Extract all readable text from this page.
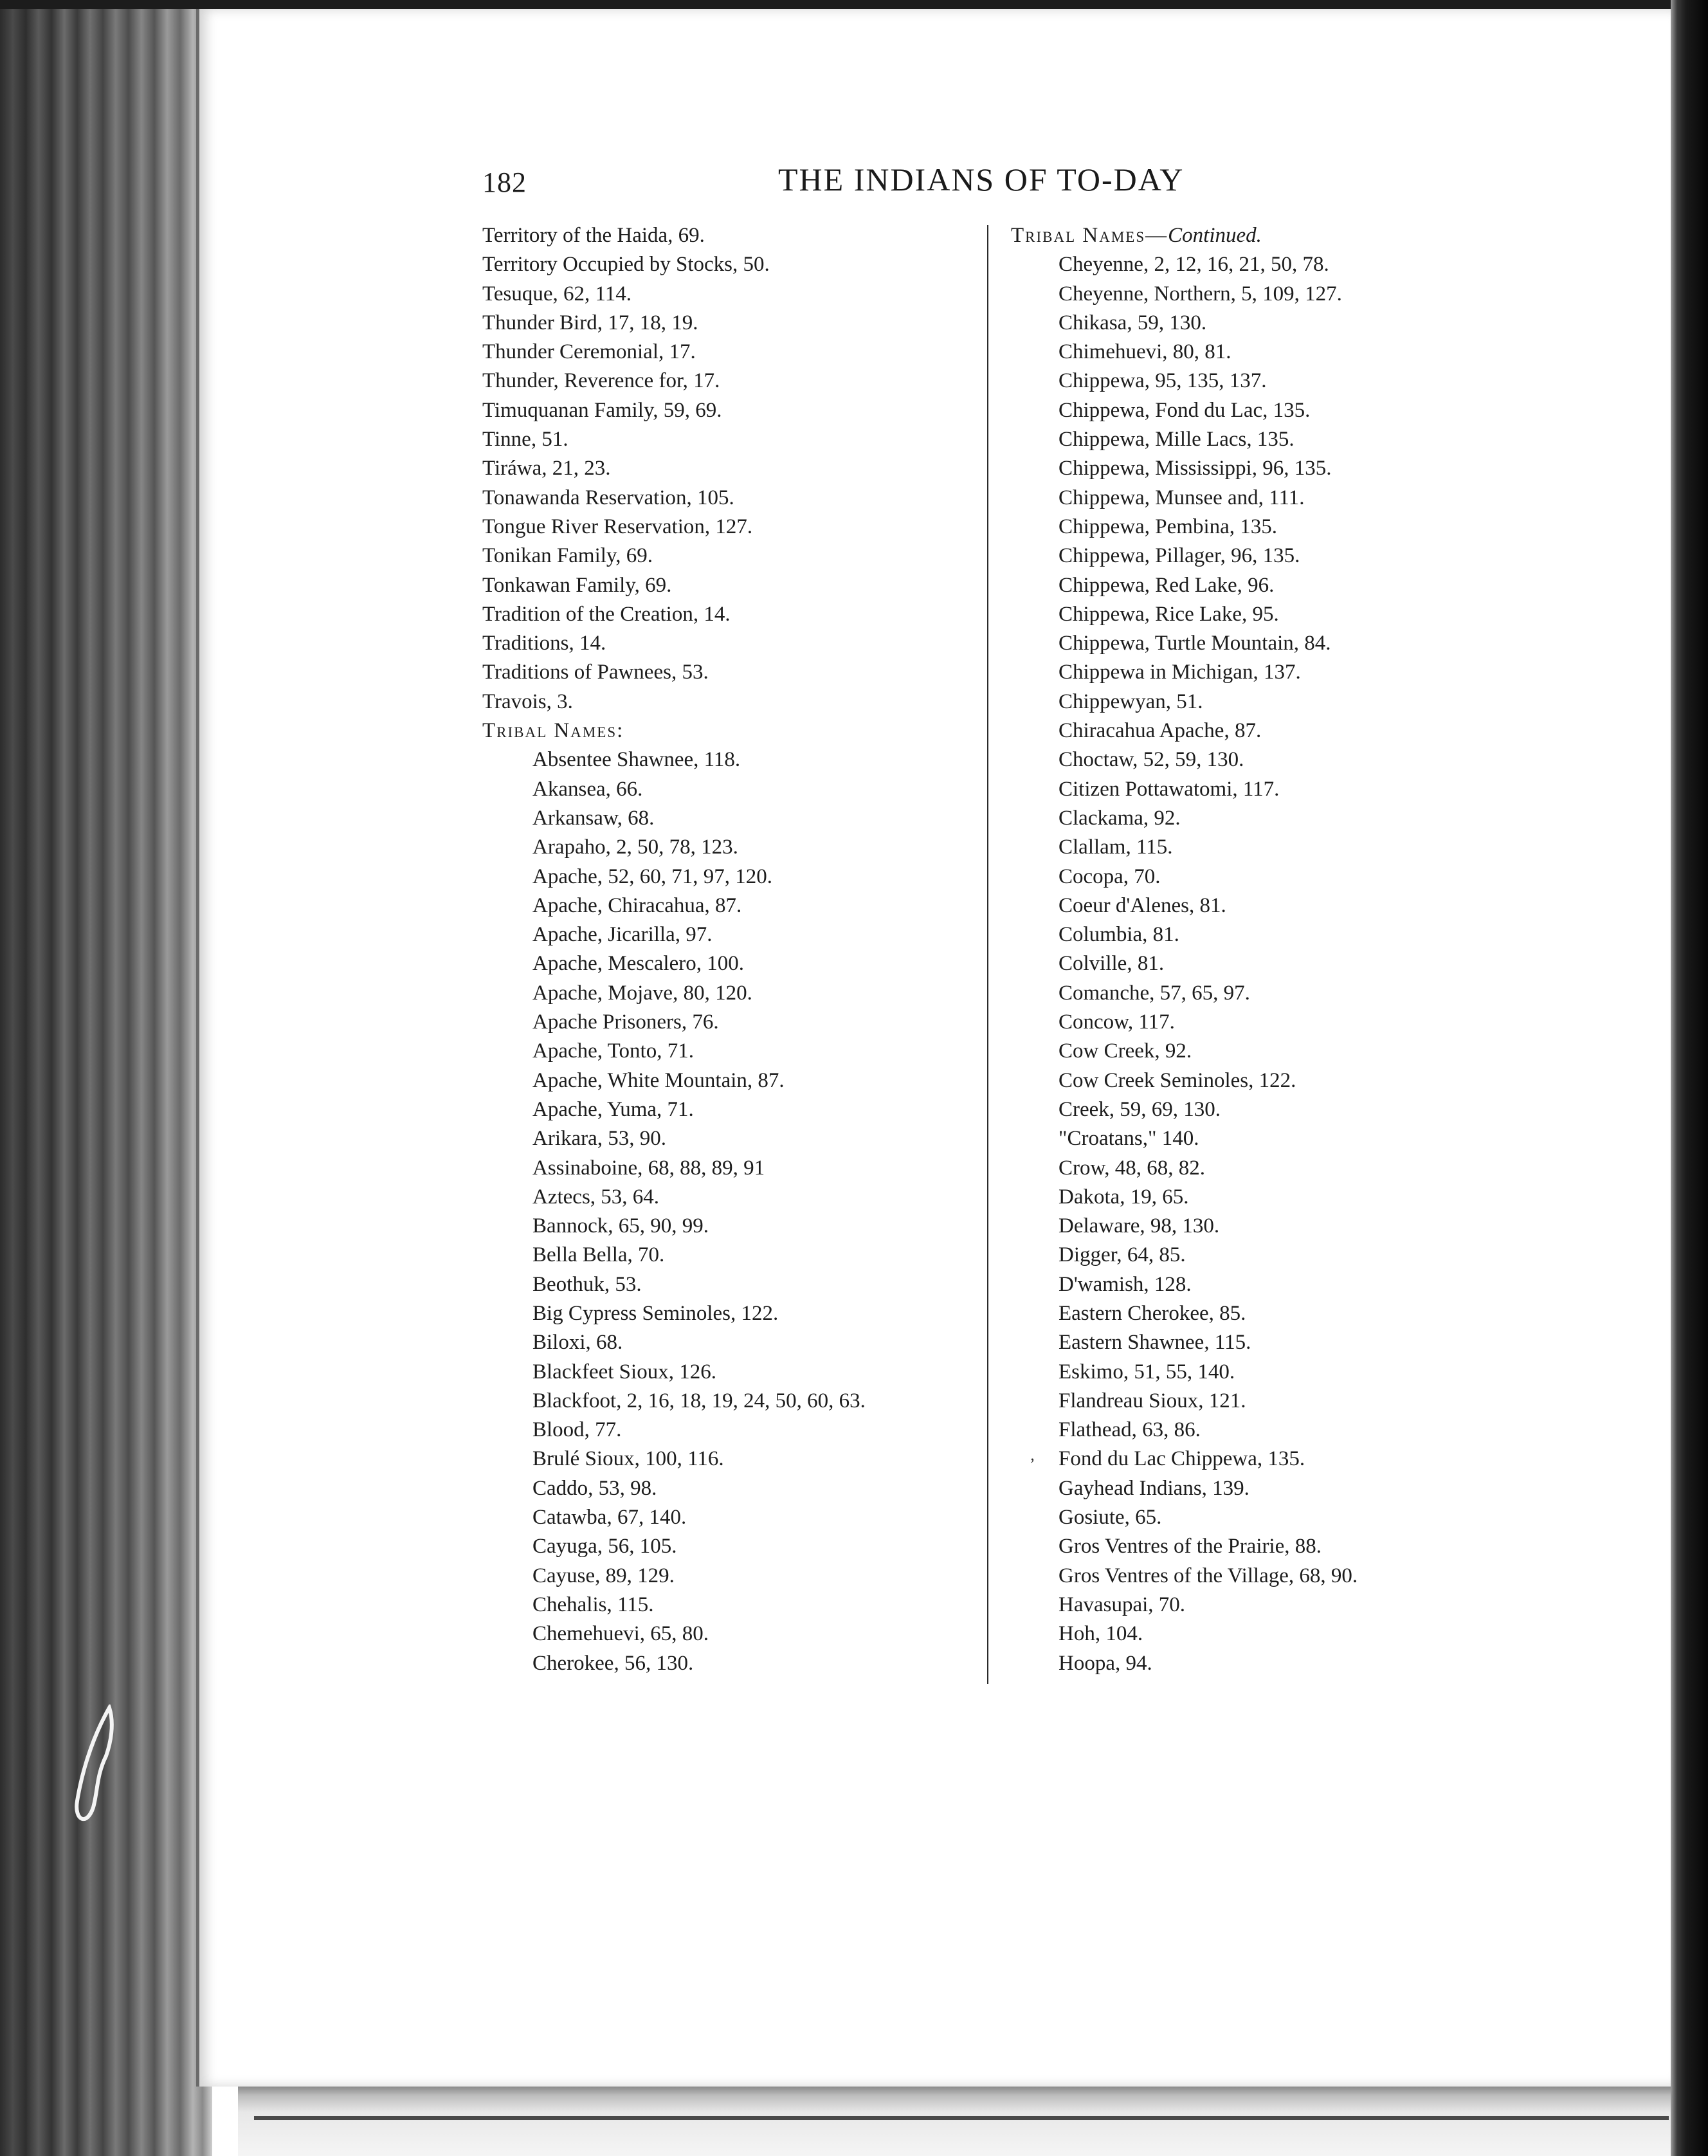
182	THE INDIANS OF TO-DAY
Territory of the Haida, 69.
Territory Occupied by Stocks, 50.
Tesuque, 62, 114.
Thunder Bird, 17, 18, 19.
Thunder Ceremonial, 17.
Thunder, Reverence for, 17.
Timuquanan Family, 59, 69.
Tinne, 51.
Tiráwa, 21, 23.
Tonawanda Reservation, 105.
Tongue River Reservation, 127.
Tonikan Family, 69.
Tonkawan Family, 69.
Tradition of the Creation, 14.
Traditions, 14.
Traditions of Pawnees, 53.
Travois, 3.
Tribal Names:
Absentee Shawnee, 118.
Akansea, 66.
Arkansaw, 68.
Arapaho, 2, 50, 78, 123.
Apache, 52, 60, 71, 97, 120.
Apache, Chiracahua, 87.
Apache, Jicarilla, 97.
Apache, Mescalero, 100.
Apache, Mojave, 80, 120.
Apache Prisoners, 76.
Apache, Tonto, 71.
Apache, White Mountain, 87.
Apache, Yuma, 71.
Arikara, 53, 90.
Assinaboine, 68, 88, 89, 91
Aztecs, 53, 64.
Bannock, 65, 90, 99.
Bella Bella, 70.
Beothuk, 53.
Big Cypress Seminoles, 122.
Biloxi, 68.
Blackfeet Sioux, 126.
Blackfoot, 2, 16, 18, 19, 24, 50, 60, 63.
Blood, 77.
Brulé Sioux, 100, 116.
Caddo, 53, 98.
Catawba, 67, 140.
Cayuga, 56, 105.
Cayuse, 89, 129.
Chehalis, 115.
Chemehuevi, 65, 80.
Cherokee, 56, 130.
Tribal Names—Continued.
Cheyenne, 2, 12, 16, 21, 50, 78.
Cheyenne, Northern, 5, 109, 127.
Chikasa, 59, 130.
Chimehuevi, 80, 81.
Chippewa, 95, 135, 137.
Chippewa, Fond du Lac, 135.
Chippewa, Mille Lacs, 135.
Chippewa, Mississippi, 96, 135.
Chippewa, Munsee and, 111.
Chippewa, Pembina, 135.
Chippewa, Pillager, 96, 135.
Chippewa, Red Lake, 96.
Chippewa, Rice Lake, 95.
Chippewa, Turtle Mountain, 84.
Chippewa in Michigan, 137.
Chippewyan, 51.
Chiracahua Apache, 87.
Choctaw, 52, 59, 130.
Citizen Pottawatomi, 117.
Clackama, 92.
Clallam, 115.
Cocopa, 70.
Coeur d'Alenes, 81.
Columbia, 81.
Colville, 81.
Comanche, 57, 65, 97.
Concow, 117.
Cow Creek, 92.
Cow Creek Seminoles, 122.
Creek, 59, 69, 130.
"Croatans," 140.
Crow, 48, 68, 82.
Dakota, 19, 65.
Delaware, 98, 130.
Digger, 64, 85.
D'wamish, 128.
Eastern Cherokee, 85.
Eastern Shawnee, 115.
Eskimo, 51, 55, 140.
Flandreau Sioux, 121.
Flathead, 63, 86.
Fond du Lac Chippewa, 135.
Gayhead Indians, 139.
Gosiute, 65.
Gros Ventres of the Prairie, 88.
Gros Ventres of the Village, 68, 90.
Havasupai, 70.
Hoh, 104.
Hoopa, 94.
ʼ
